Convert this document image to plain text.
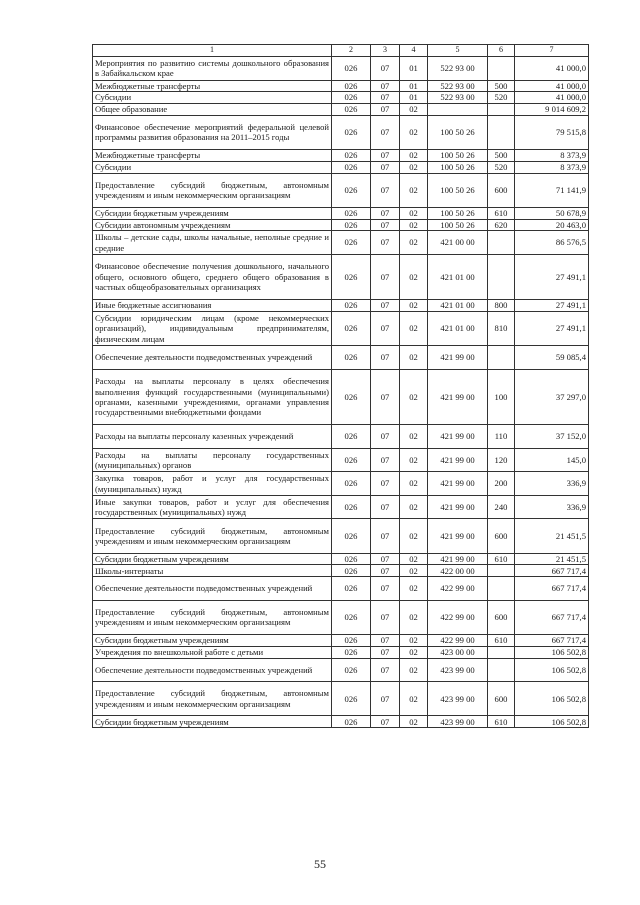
1	2	3	4	5	6	7
Мероприятия по развитию системы дошкольного образования в Забайкальском крае	026	07	01	522 93 00		41 000,0
Межбюджетные трансферты	026	07	01	522 93 00	500	41 000,0
Субсидии	026	07	01	522 93 00	520	41 000,0
Общее образование	026	07	02			9 014 609,2
Финансовое обеспечение мероприятий федеральной целевой программы развития образования на 2011–2015 годы	026	07	02	100 50 26		79 515,8
Межбюджетные трансферты	026	07	02	100 50 26	500	8 373,9
Субсидии	026	07	02	100 50 26	520	8 373,9
Предоставление субсидий бюджетным, автономным учреждениям и иным некоммерческим организациям	026	07	02	100 50 26	600	71 141,9
Субсидии бюджетным учреждениям	026	07	02	100 50 26	610	50 678,9
Субсидии автономным учреждениям	026	07	02	100 50 26	620	20 463,0
Школы – детские сады, школы начальные, неполные средние и средние	026	07	02	421 00 00		86 576,5
Финансовое обеспечение получения дошкольного, начального общего, основного общего, среднего общего образования в частных общеобразовательных организациях	026	07	02	421 01 00		27 491,1
Иные бюджетные ассигнования	026	07	02	421 01 00	800	27 491,1
Субсидии юридическим лицам (кроме некоммерческих организаций), индивидуальным предпринимателям, физическим лицам	026	07	02	421 01 00	810	27 491,1
Обеспечение деятельности подведомственных учреждений	026	07	02	421 99 00		59 085,4
Расходы на выплаты персоналу в целях обеспечения выполнения функций государственными (муниципальными) органами, казенными учреждениями, органами управления государственными внебюджетными фондами	026	07	02	421 99 00	100	37 297,0
Расходы на выплаты персоналу казенных учреждений	026	07	02	421 99 00	110	37 152,0
Расходы на выплаты персоналу государственных (муниципальных) органов	026	07	02	421 99 00	120	145,0
Закупка товаров, работ и услуг для государственных (муниципальных) нужд	026	07	02	421 99 00	200	336,9
Иные закупки товаров, работ и услуг для обеспечения государственных (муниципальных) нужд	026	07	02	421 99 00	240	336,9
Предоставление субсидий бюджетным, автономным учреждениям и иным некоммерческим организациям	026	07	02	421 99 00	600	21 451,5
Субсидии бюджетным учреждениям	026	07	02	421 99 00	610	21 451,5
Школы-интернаты	026	07	02	422 00 00		667 717,4
Обеспечение деятельности подведомственных учреждений	026	07	02	422 99 00		667 717,4
Предоставление субсидий бюджетным, автономным учреждениям и иным некоммерческим организациям	026	07	02	422 99 00	600	667 717,4
Субсидии бюджетным учреждениям	026	07	02	422 99 00	610	667 717,4
Учреждения по внешкольной работе с детьми	026	07	02	423 00 00		106 502,8
Обеспечение деятельности подведомственных учреждений	026	07	02	423 99 00		106 502,8
Предоставление субсидий бюджетным, автономным учреждениям и иным некоммерческим организациям	026	07	02	423 99 00	600	106 502,8
Субсидии бюджетным учреждениям	026	07	02	423 99 00	610	106 502,8
55
